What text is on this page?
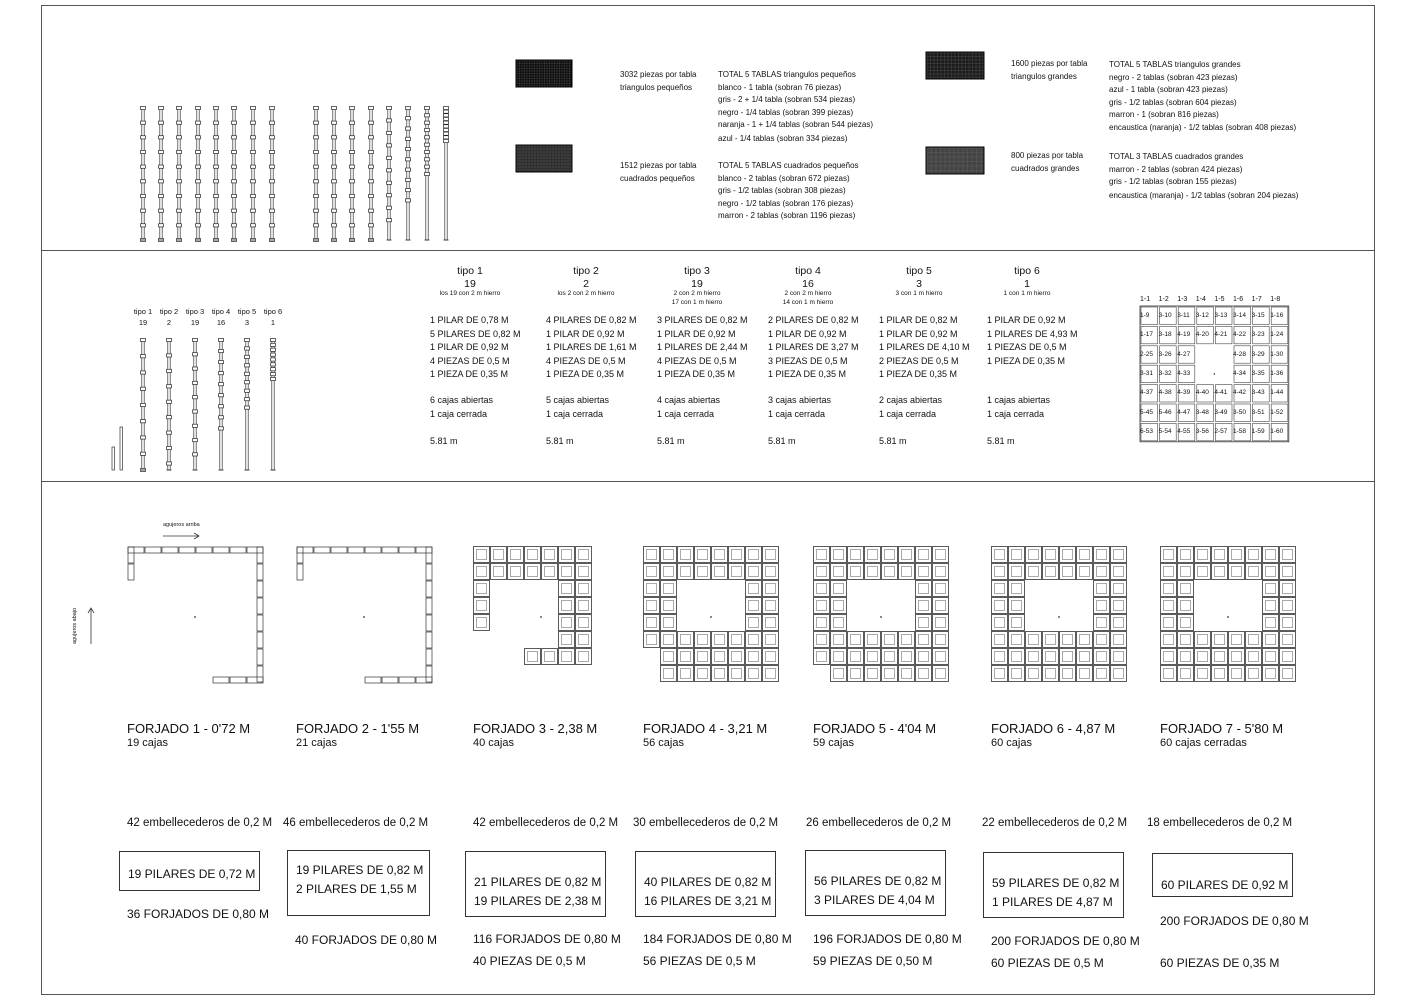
3032 piezas por tabla
triangulos pequeños
TOTAL 5 TABLAS triangulos pequeños
blanco - 1 tabla (sobran 76 piezas)
gris - 2 + 1/4 tabla (sobran 534 piezas)
negro - 1/4 tablas (sobran 399 piezas)
naranja - 1 + 1/4 tablas (sobran 544 piezas)
azul - 1/4 tablas (sobran 334 piezas)
1512 piezas por tabla
cuadrados pequeños
TOTAL 5 TABLAS cuadrados pequeños
blanco - 2 tablas (sobran 672 piezas)
gris - 1/2 tablas (sobran 308 piezas)
negro - 1/2 tablas (sobran 176 piezas)
marron - 2 tablas (sobran 1196 piezas)
1600 piezas por tabla
triangulos grandes
TOTAL 5 TABLAS triangulos grandes
negro - 2 tablas (sobran 423 piezas)
azul - 1 tabla (sobran 423 piezas)
gris - 1/2 tablas (sobran 604 piezas)
marron - 1 (sobran 816 piezas)
encaustica (naranja) - 1/2 tablas (sobran 408 piezas)
800 piezas por tabla
cuadrados grandes
TOTAL 3 TABLAS cuadrados grandes
marron - 2 tablas (sobran 424 piezas)
gris - 1/2 tablas (sobran 155 piezas)
encaustica (maranja) - 1/2 tablas (sobran 204 piezas)
tipo 1
19
tipo 2
2
tipo 3
19
tipo 4
16
tipo 5
3
tipo 6
1
tipo 1
19
los 19 con 2 m hierro
1 PILAR DE 0,78 M
5 PILARES DE 0,82 M
1 PILAR DE 0,92 M
4 PIEZAS DE 0,5 M
1 PIEZA DE 0,35 M
6 cajas abiertas
1 caja cerrada
5.81 m
tipo 2
2
los 2 con 2 m hierro
4 PILARES DE 0,82 M
1 PILAR DE 0,92 M
1 PILARES DE 1,61 M
4 PIEZAS DE 0,5 M
1 PIEZA DE 0,35 M
5 cajas abiertas
1 caja cerrada
5.81 m
tipo 3
19
2 con 2 m hierro
17 con 1 m hierro
3 PILARES DE 0,82 M
1 PILAR DE 0,92 M
1 PILARES DE 2,44 M
4 PIEZAS DE 0,5 M
1 PIEZA DE 0,35 M
4 cajas abiertas
1 caja cerrada
5.81 m
tipo 4
16
2 con 2 m hierro
14 con 1 m hierro
2 PILARES DE 0,82 M
1 PILAR DE 0,92 M
1 PILARES DE 3,27 M
3 PIEZAS DE 0,5 M
1 PIEZA DE 0,35 M
3 cajas abiertas
1 caja cerrada
5.81 m
tipo 5
3
3 con 1 m hierro
1 PILAR DE 0,82 M
1 PILAR DE 0,92 M
1 PILARES DE 4,10 M
2 PIEZAS DE 0,5 M
1 PIEZA DE 0,35 M
2 cajas abiertas
1 caja cerrada
5.81 m
tipo 6
1
1 con 1 m hierro
1 PILAR DE 0,92 M
1 PILARES DE 4,93 M
1 PIEZAS DE 0,5 M
1 PIEZA DE 0,35 M
1 cajas abiertas
1 caja cerrada
5.81 m
1-1 1-2 1-3 1-4 1-5 1-6 1-7 1-8
1-9 3-10 3-11 3-12 3-13 3-14 3-15 1-16
1-17 3-18 4-19 4-20 4-21 4-22 3-23 1-24
2-25 3-26 4-27	4-28 3-29 1-30
3-31 3-32 4-33	4-34 3-35 1-36
4-37 4-38 4-39 4-40 4-41 4-42 3-43 1-44
5-45 5-46 4-47 3-48 3-49 3-50 3-51 1-52
6-53 5-54 4-55 3-56 2-57 1-58 1-59 1-60
agujeros arriba
agujeros abajo
FORJADO 1 - 0'72 M
19 cajas
42 embellecederos de 0,2 M
19 PILARES DE 0,72 M
36 FORJADOS DE 0,80 M
FORJADO 2 - 1'55 M
21 cajas
46 embellecederos de 0,2 M
19 PILARES DE 0,82 M
2 PILARES DE 1,55 M
40 FORJADOS DE 0,80 M
FORJADO 3 - 2,38 M
40 cajas
42 embellecederos de 0,2 M
21 PILARES DE 0,82 M
19 PILARES DE 2,38 M
116 FORJADOS DE 0,80 M
40 PIEZAS DE 0,5 M
FORJADO 4 - 3,21 M
56 cajas
30 embellecederos de 0,2 M
40 PILARES DE 0,82 M
16 PILARES DE 3,21 M
184 FORJADOS DE 0,80 M
56 PIEZAS DE 0,5 M
FORJADO 5 - 4'04 M
59 cajas
26 embellecederos de 0,2 M
56 PILARES DE 0,82 M
3 PILARES DE 4,04 M
196 FORJADOS DE 0,80 M
59 PIEZAS DE 0,50 M
FORJADO 6 - 4,87 M
60 cajas
22 embellecederos de 0,2 M
59 PILARES DE 0,82 M
1 PILARES DE 4,87 M
200 FORJADOS DE 0,80 M
60 PIEZAS DE 0,5 M
FORJADO 7 - 5'80 M
60 cajas cerradas
18 embellecederos de 0,2 M
60 PILARES DE 0,92 M
200 FORJADOS DE 0,80 M
60 PIEZAS DE 0,35 M
